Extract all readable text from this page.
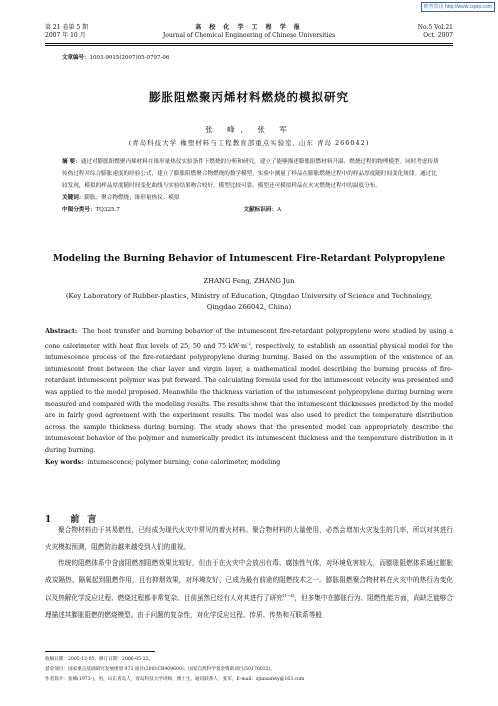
维普资讯 http://www.cqvip.com
第 21 卷第 5 期
2007 年 10 月
高 校 化 学 工 程 学 报
Journal of Chemical Engineering of Chinese Universities
No.5 Vol.21
Oct. 2007
文章编号：1003-9015(2007)05-0797-06
膨胀阻燃聚丙烯材料燃烧的模拟研究
张 峰, 张 军
(青岛科技大学 橡塑材料与工程教育部重点实验室, 山东 青岛 266042)
摘 要：通过对膨胀阻燃聚丙烯材料在锥形量热仪实验条件下燃烧的分析和研究，建立了能够描述膨胀阻燃材料升温、燃烧过程的物理模型。同时考虑传质传热过程并综合膨胀速度的经验公式，建立了膨胀阻燃聚合物燃烧的数学模型。实验中测量了样品在膨胀燃烧过程中的样品厚度随时间变化规律。通过比较发现，模拟的样品厚度随时间变化曲线与实验结果吻合较好，模型比较可靠。模型还可模拟样品在火灾燃烧过程中的温度分布。
关键词：膨胀；聚合物燃烧；锥形量热仪；模拟
中图分类号：TQ325.7	文献标识码：A
Modeling the Burning Behavior of Intumescent Fire-Retardant Polypropylene
ZHANG Feng, ZHANG Jun
(Key Laboratory of Rubber-plastics, Ministry of Education, Qingdao University of Science and Technology,
Qingdao 266042, China)
Abstract: The heat transfer and burning behavior of the intumescent fire-retardant polypropylene were studied by using a cone calorimeter with heat flux levels of 25, 50 and 75 $kW\cdot m^{-2}$, respectively, to establish an essential physical model for the intumescence process of the fire-retardant polypropylene during burning. Based on the assumption of the existence of an intumescent front between the char layer and virgin layer, a mathematical model describing the burning process of fire-retardant intumescent polymer was put forward. The calculating formula used for the intumescent velocity was presented and was applied to the model proposed. Meanwhile the thickness variation of the intumescent polypropylene during burning were measured and compared with the modeling results. The results show that the intumescent thicknesses predicted by the model are in fairly good agreement with the experiment results. The model was also used to predict the temperature distribution across the sample thickness during burning. The study shows that the presented model can appropriately describe the intumescent behavior of the polymer and numerically predict its intumescent thickness and the temperature distribution in it during burning.
Key words: intumescence; polymer burning; cone calorimeter, modeling
1 前言

聚合物材料由于其易燃性，已经成为现代火灾中常见的着火材料。聚合物材料的大量使用，必然会增加火灾发生的几率，所以对其进行火灾模拟预测，阻燃防治越来越受到人们的重视。

传统的阻燃体系中含卤阻燃剂阻燃效果比较好，但由于在火灾中会放出有毒、腐蚀性气体，对环境危害较大，而膨胀阻燃体系通过膨胀成炭隔热、隔氧起到阻燃作用，且有抑烟效果，对环境友好，已成为最有前途的阻燃技术之一。膨胀阻燃聚合物材料在火灾中的热行为变化以及热解化学反应过程、燃烧过程都非常复杂。目前虽然已经有人对其进行了研究[1~4]，但多集中在膨胀行为、阻燃性能方面，尚缺乏能够合理描述其膨胀阻燃的燃烧模型。由于问题的复杂性，对化学反应过程、传质、传热和互联系等般

收稿日期：2005-12-05；修订日期：2006-05-22。
基金项目：国家重点基础研究发展规划 973 项目(2001CB409600)；国家自然科学基金资助项目(50176023)。
作者简介：张峰(1973-)，男，山东青岛人，青岛科技大学讲师，博士生。通讯联系人：张军，E-mail：zjunsafety@163.com
